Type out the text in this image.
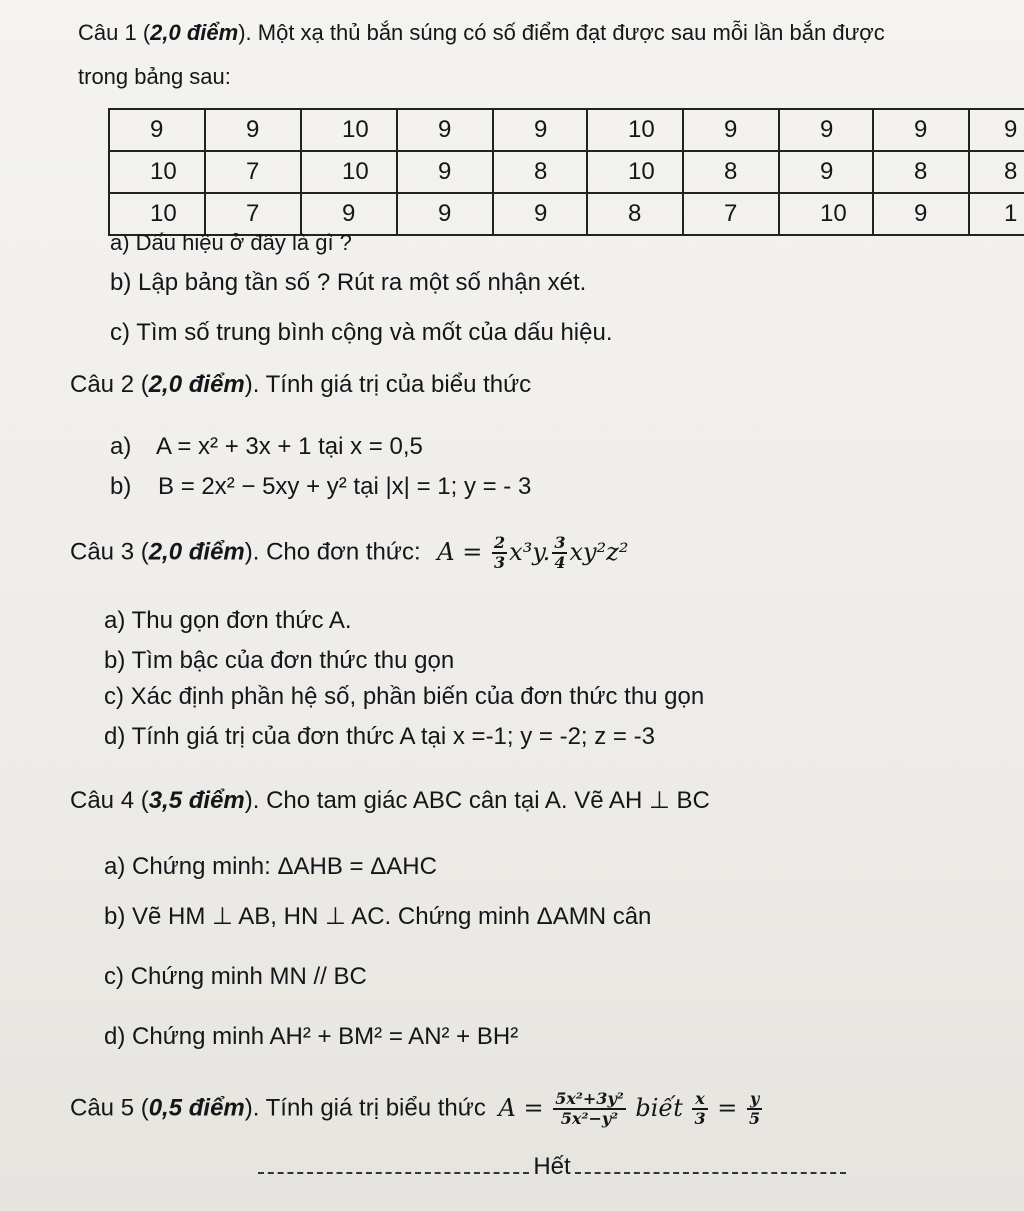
Câu 1 (2,0 điểm). Một xạ thủ bắn súng có số điểm đạt được sau mỗi lần bắn được
trong bảng sau:
9	9	10	9	9	10	9	9	9	9
10	7	10	9	8	10	8	9	8	8
10	7	9	9	9	8	7	10	9	1
a) Dấu hiệu ở đây là gì ?
b) Lập bảng tần số ? Rút ra một số nhận xét.
c) Tìm số trung bình cộng và mốt của dấu hiệu.
Câu 2 (2,0 điểm). Tính giá trị của biểu thức
a) A = x² + 3x + 1 tại x = 0,5
b) B = 2x² − 5xy + y² tại |x| = 1; y = - 3
Câu 3 (2,0 điểm). Cho đơn thức: $A = \frac{2}{3} x^3y$. $\frac{3}{4} xy^2z^2$
a) Thu gọn đơn thức A.
b) Tìm bậc của đơn thức thu gọn
c) Xác định phần hệ số, phần biến của đơn thức thu gọn
d) Tính giá trị của đơn thức A tại x =-1; y = -2; z = -3
Câu 4 (3,5 điểm). Cho tam giác ABC cân tại A. Vẽ AH ⊥ BC
a) Chứng minh: ΔAHB = ΔAHC
b) Vẽ HM ⊥ AB, HN ⊥ AC. Chứng minh ΔAMN cân
c) Chứng minh MN // BC
d) Chứng minh AH² + BM² = AN² + BH²
Câu 5 (0,5 điểm). Tính giá trị biểu thức $A = \frac{\text{5x²+3y²}}{\text{5x²−y²}}$ biết $\frac{x}{3} = \frac{y}{5}$
Hết
